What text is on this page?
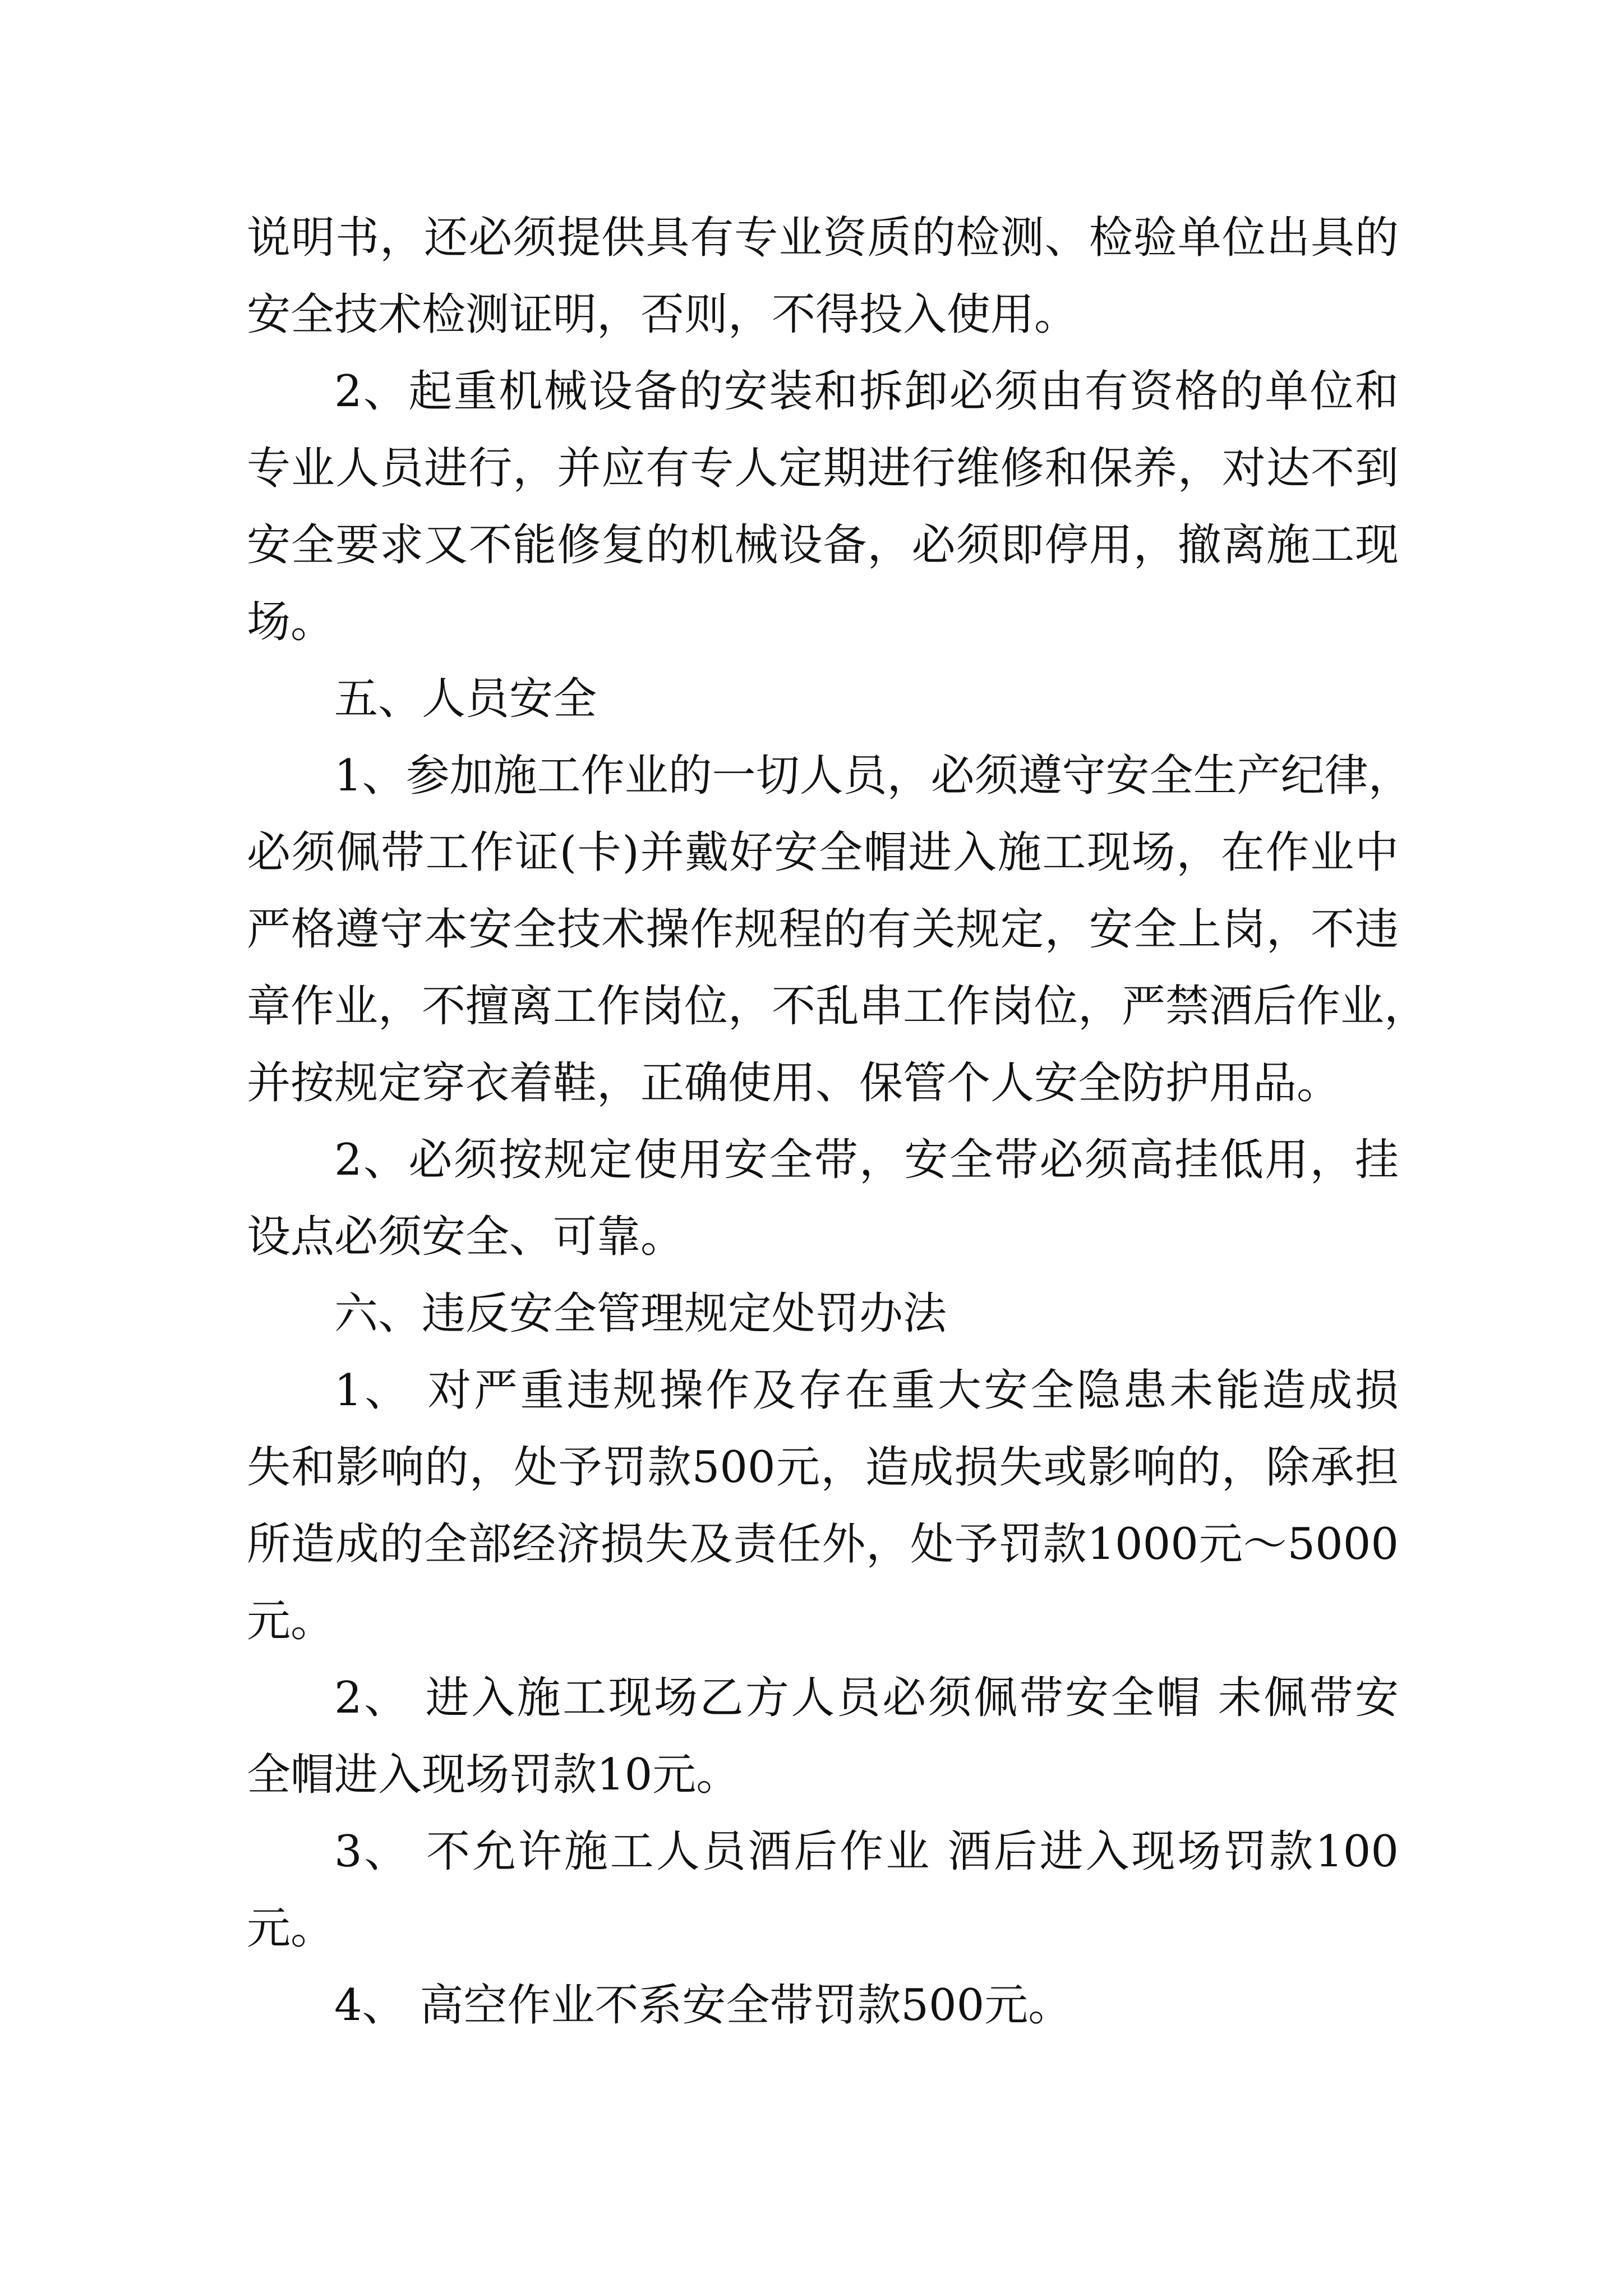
说明书，还必须提供具有专业资质的检测、检验单位出具的
安全技术检测证明，否则，不得投入使用。
2、起重机械设备的安装和拆卸必须由有资格的单位和
专业人员进行，并应有专人定期进行维修和保养，对达不到
安全要求又不能修复的机械设备，必须即停用，撤离施工现
场。
五、人员安全
1、参加施工作业的一切人员，必须遵守安全生产纪律，
必须佩带工作证(卡)并戴好安全帽进入施工现场，在作业中
严格遵守本安全技术操作规程的有关规定，安全上岗，不违
章作业，不擅离工作岗位，不乱串工作岗位，严禁酒后作业，
并按规定穿衣着鞋，正确使用、保管个人安全防护用品。
2、必须按规定使用安全带，安全带必须高挂低用，挂
设点必须安全、可靠。
六、违反安全管理规定处罚办法
1、 对严重违规操作及存在重大安全隐患未能造成损
失和影响的，处予罚款500元，造成损失或影响的，除承担
所造成的全部经济损失及责任外，处予罚款1000元～5000
元。
2、 进入施工现场乙方人员必须佩带安全帽 未佩带安
全帽进入现场罚款10元。
3、 不允许施工人员酒后作业 酒后进入现场罚款100
元。
4、 高空作业不系安全带罚款500元。
